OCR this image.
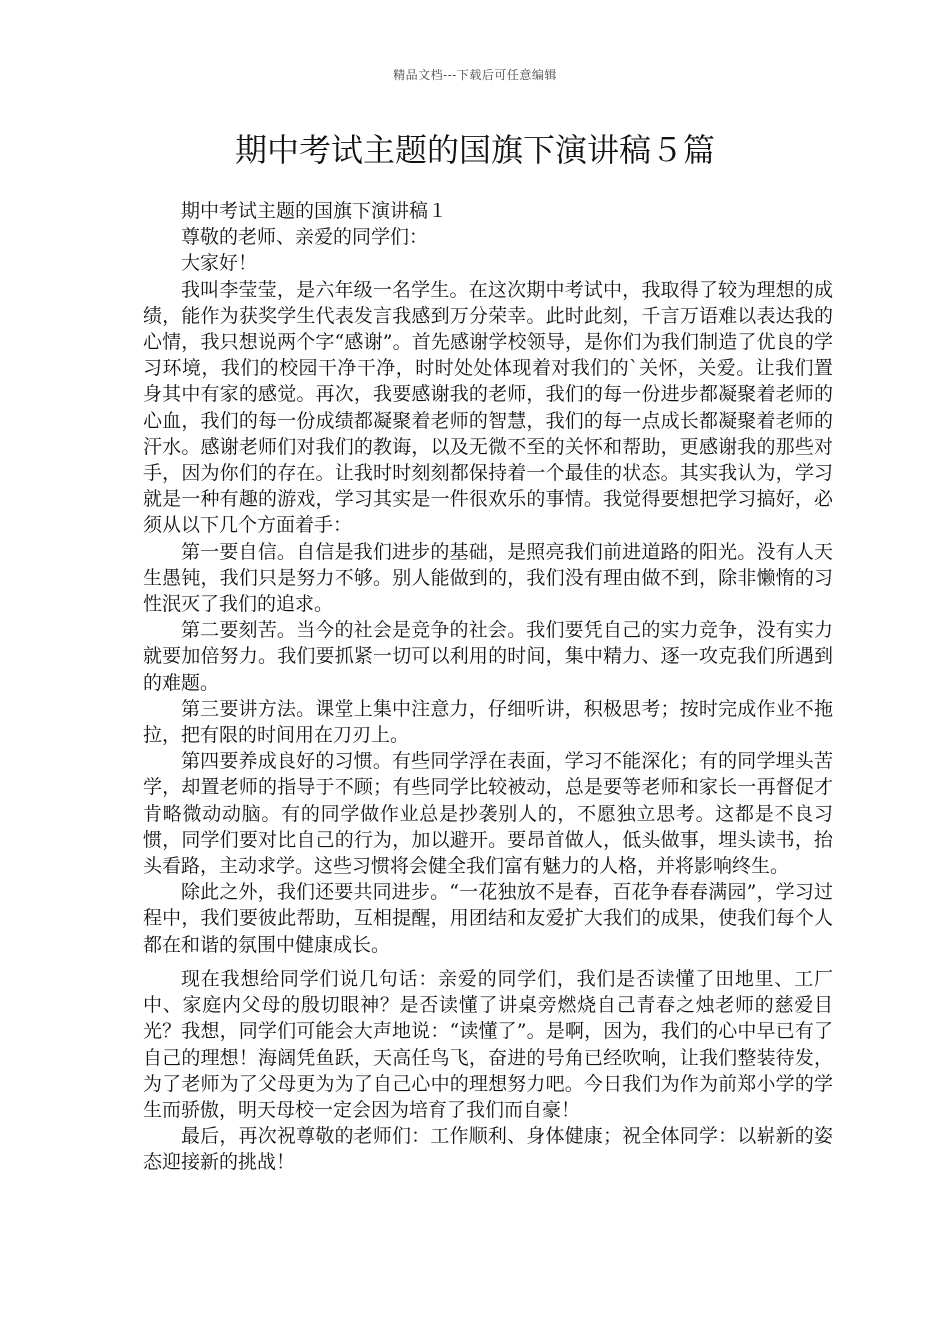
精品文档---下载后可任意编辑
期中考试主题的国旗下演讲稿５篇

期中考试主题的国旗下演讲稿１

尊敬的老师、亲爱的同学们：

大家好！

我叫李莹莹，是六年级一名学生。在这次期中考试中，我取得了较为理想的成绩，能作为获奖学生代表发言我感到万分荣幸。此时此刻，千言万语难以表达我的心情，我只想说两个字“感谢”。首先感谢学校领导，是你们为我们制造了优良的学习环境，我们的校园干净干净，时时处处体现着对我们的`关怀，关爱。让我们置身其中有家的感觉。再次，我要感谢我的老师，我们的每一份进步都凝聚着老师的心血，我们的每一份成绩都凝聚着老师的智慧，我们的每一点成长都凝聚着老师的汗水。感谢老师们对我们的教诲，以及无微不至的关怀和帮助，更感谢我的那些对手，因为你们的存在。让我时时刻刻都保持着一个最佳的状态。其实我认为，学习就是一种有趣的游戏，学习其实是一件很欢乐的事情。我觉得要想把学习搞好，必须从以下几个方面着手：

第一要自信。自信是我们进步的基础，是照亮我们前进道路的阳光。没有人天生愚钝，我们只是努力不够。别人能做到的，我们没有理由做不到，除非懒惰的习性泯灭了我们的追求。

第二要刻苦。当今的社会是竞争的社会。我们要凭自己的实力竞争，没有实力就要加倍努力。我们要抓紧一切可以利用的时间，集中精力、逐一攻克我们所遇到的难题。

第三要讲方法。课堂上集中注意力，仔细听讲，积极思考；按时完成作业不拖拉，把有限的时间用在刀刃上。

第四要养成良好的习惯。有些同学浮在表面，学习不能深化；有的同学埋头苦学，却置老师的指导于不顾；有些同学比较被动，总是要等老师和家长一再督促才肯略微动动脑。有的同学做作业总是抄袭别人的，不愿独立思考。这都是不良习惯，同学们要对比自己的行为，加以避开。要昂首做人，低头做事，埋头读书，抬头看路，主动求学。这些习惯将会健全我们富有魅力的人格，并将影响终生。

除此之外，我们还要共同进步。“一花独放不是春，百花争春春满园”，学习过程中，我们要彼此帮助，互相提醒，用团结和友爱扩大我们的成果，使我们每个人都在和谐的氛围中健康成长。

现在我想给同学们说几句话：亲爱的同学们，我们是否读懂了田地里、工厂中、家庭内父母的殷切眼神？是否读懂了讲桌旁燃烧自己青春之烛老师的慈爱目光？我想，同学们可能会大声地说：“读懂了”。是啊，因为，我们的心中早已有了自己的理想！海阔凭鱼跃，天高任鸟飞，奋进的号角已经吹响，让我们整装待发，为了老师为了父母更为为了自己心中的理想努力吧。今日我们为作为前郑小学的学生而骄傲，明天母校一定会因为培育了我们而自豪！

最后，再次祝尊敬的老师们：工作顺利、身体健康；祝全体同学：以崭新的姿态迎接新的挑战！
